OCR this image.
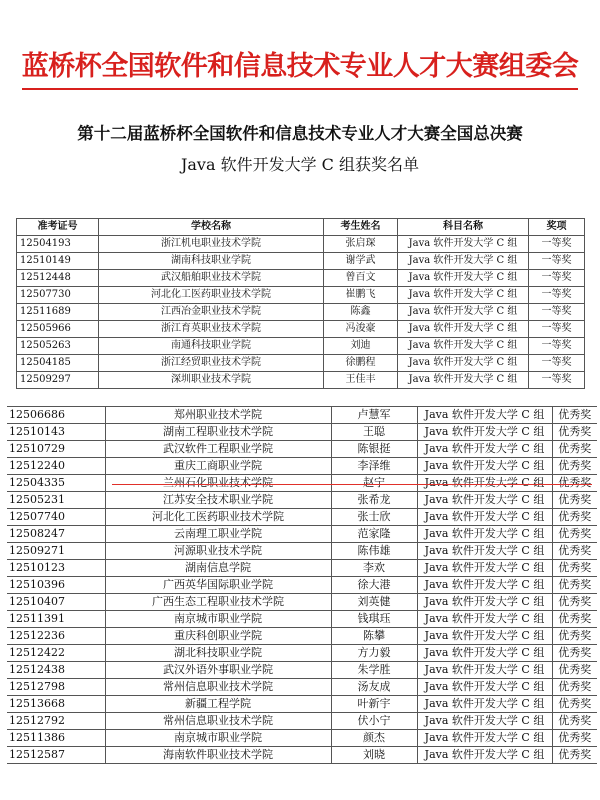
蓝桥杯全国软件和信息技术专业人才大赛组委会
第十二届蓝桥杯全国软件和信息技术专业人才大赛全国总决赛
Java 软件开发大学 C 组获奖名单
准考证号	学校名称	考生姓名	科目名称	奖项
12504193	浙江机电职业技术学院	张启琛	Java 软件开发大学 C 组	一等奖
12510149	湖南科技职业学院	谢学武	Java 软件开发大学 C 组	一等奖
12512448	武汉船舶职业技术学院	曾百文	Java 软件开发大学 C 组	一等奖
12507730	河北化工医药职业技术学院	崔鹏飞	Java 软件开发大学 C 组	一等奖
12511689	江西冶金职业技术学院	陈鑫	Java 软件开发大学 C 组	一等奖
12505966	浙江育英职业技术学院	冯浚豪	Java 软件开发大学 C 组	一等奖
12505263	南通科技职业学院	刘迪	Java 软件开发大学 C 组	一等奖
12504185	浙江经贸职业技术学院	徐鹏程	Java 软件开发大学 C 组	一等奖
12509297	深圳职业技术学院	王佳丰	Java 软件开发大学 C 组	一等奖
12506686	郑州职业技术学院	卢慧军	Java 软件开发大学 C 组	优秀奖
12510143	湖南工程职业技术学院	王聪	Java 软件开发大学 C 组	优秀奖
12510729	武汉软件工程职业学院	陈银挺	Java 软件开发大学 C 组	优秀奖
12512240	重庆工商职业学院	李泽维	Java 软件开发大学 C 组	优秀奖
12504335	兰州石化职业技术学院	赵宁	Java 软件开发大学 C 组	优秀奖
12505231	江苏安全技术职业学院	张希龙	Java 软件开发大学 C 组	优秀奖
12507740	河北化工医药职业技术学院	张士欣	Java 软件开发大学 C 组	优秀奖
12508247	云南理工职业学院	范家隆	Java 软件开发大学 C 组	优秀奖
12509271	河源职业技术学院	陈伟雄	Java 软件开发大学 C 组	优秀奖
12510123	湖南信息学院	李欢	Java 软件开发大学 C 组	优秀奖
12510396	广西英华国际职业学院	徐大港	Java 软件开发大学 C 组	优秀奖
12510407	广西生态工程职业技术学院	刘英健	Java 软件开发大学 C 组	优秀奖
12511391	南京城市职业学院	钱琪珏	Java 软件开发大学 C 组	优秀奖
12512236	重庆科创职业学院	陈攀	Java 软件开发大学 C 组	优秀奖
12512422	湖北科技职业学院	方力毅	Java 软件开发大学 C 组	优秀奖
12512438	武汉外语外事职业学院	朱学胜	Java 软件开发大学 C 组	优秀奖
12512798	常州信息职业技术学院	汤友成	Java 软件开发大学 C 组	优秀奖
12513668	新疆工程学院	叶新宇	Java 软件开发大学 C 组	优秀奖
12512792	常州信息职业技术学院	伏小宁	Java 软件开发大学 C 组	优秀奖
12511386	南京城市职业学院	颜杰	Java 软件开发大学 C 组	优秀奖
12512587	海南软件职业技术学院	刘晓	Java 软件开发大学 C 组	优秀奖
